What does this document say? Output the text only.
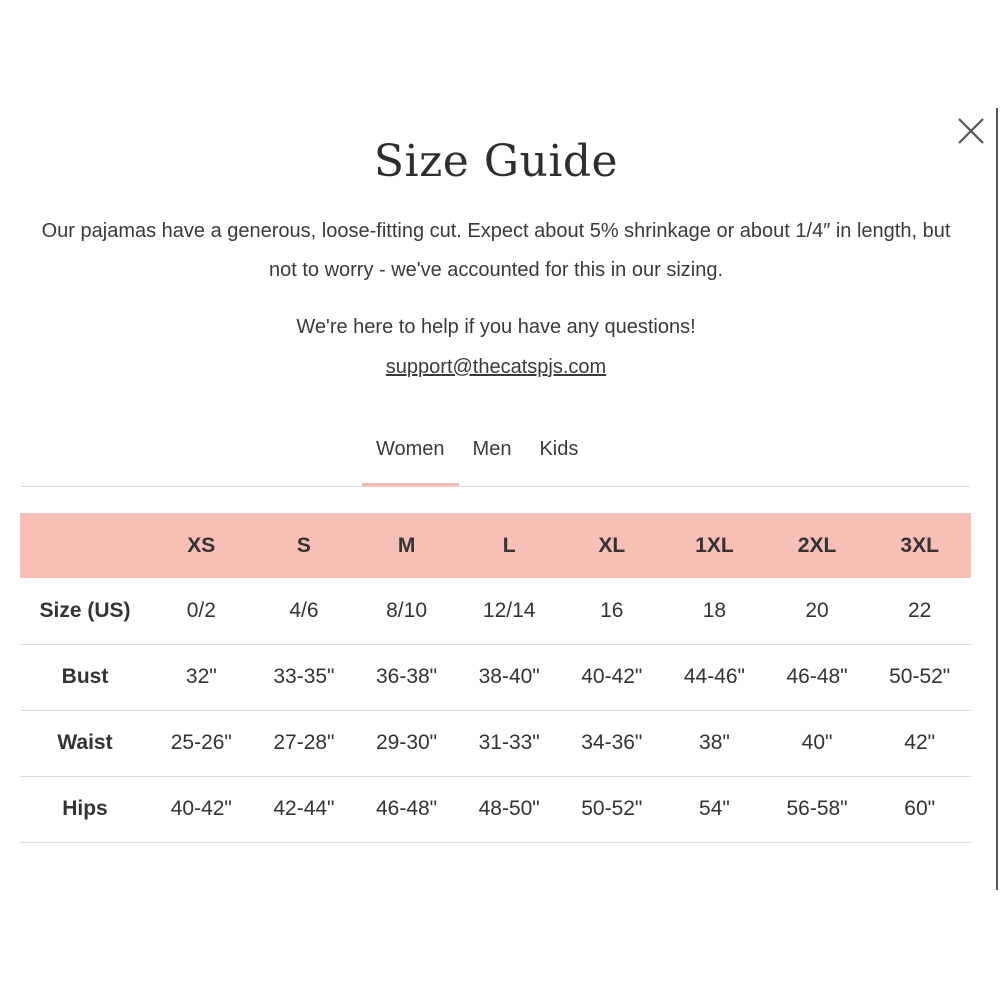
Size Guide

Our pajamas have a generous, loose-fitting cut. Expect about 5% shrinkage or about 1/4″ in length, but not to worry - we've accounted for this in our sizing.

We're here to help if you have any questions!

support@thecatspjs.com

Women	Men	Kids
	XS	S	M	L	XL	1XL	2XL	3XL
Size (US)	0/2	4/6	8/10	12/14	16	18	20	22
Bust	32"	33-35"	36-38"	38-40"	40-42"	44-46"	46-48"	50-52"
Waist	25-26"	27-28"	29-30"	31-33"	34-36"	38"	40"	42"
Hips	40-42"	42-44"	46-48"	48-50"	50-52"	54"	56-58"	60"
